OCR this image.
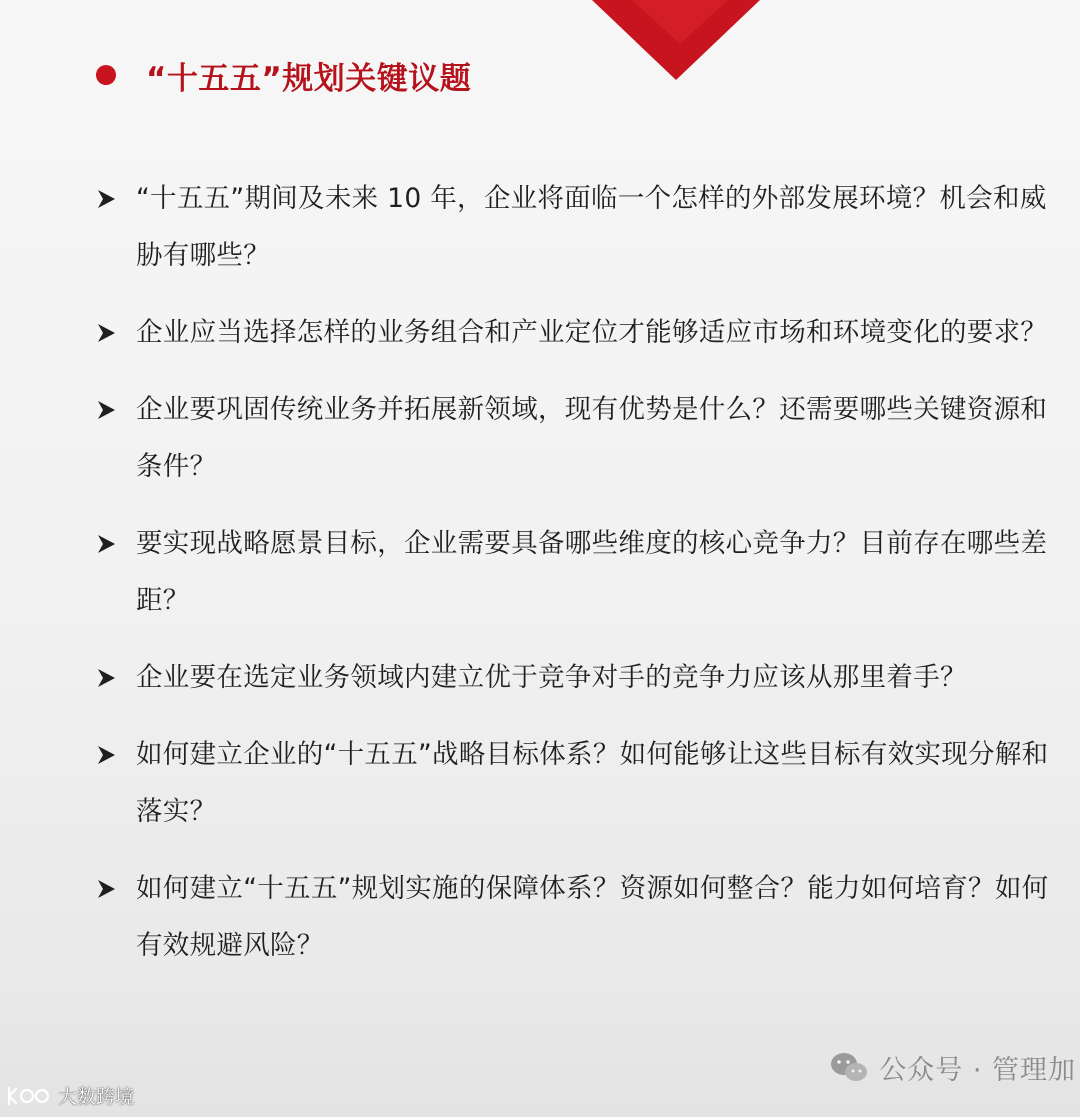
“十五五”规划关键议题
“十五五”期间及未来 10 年，企业将面临一个怎样的外部发展环境？机会和威胁有哪些？
企业应当选择怎样的业务组合和产业定位才能够适应市场和环境变化的要求？
企业要巩固传统业务并拓展新领域，现有优势是什么？还需要哪些关键资源和条件？
要实现战略愿景目标，企业需要具备哪些维度的核心竞争力？目前存在哪些差距？
企业要在选定业务领域内建立优于竞争对手的竞争力应该从那里着手？
如何建立企业的“十五五”战略目标体系？如何能够让这些目标有效实现分解和落实？
如何建立“十五五”规划实施的保障体系？资源如何整合？能力如何培育？如何有效规避风险？
公众号 · 管理加
大数跨境
